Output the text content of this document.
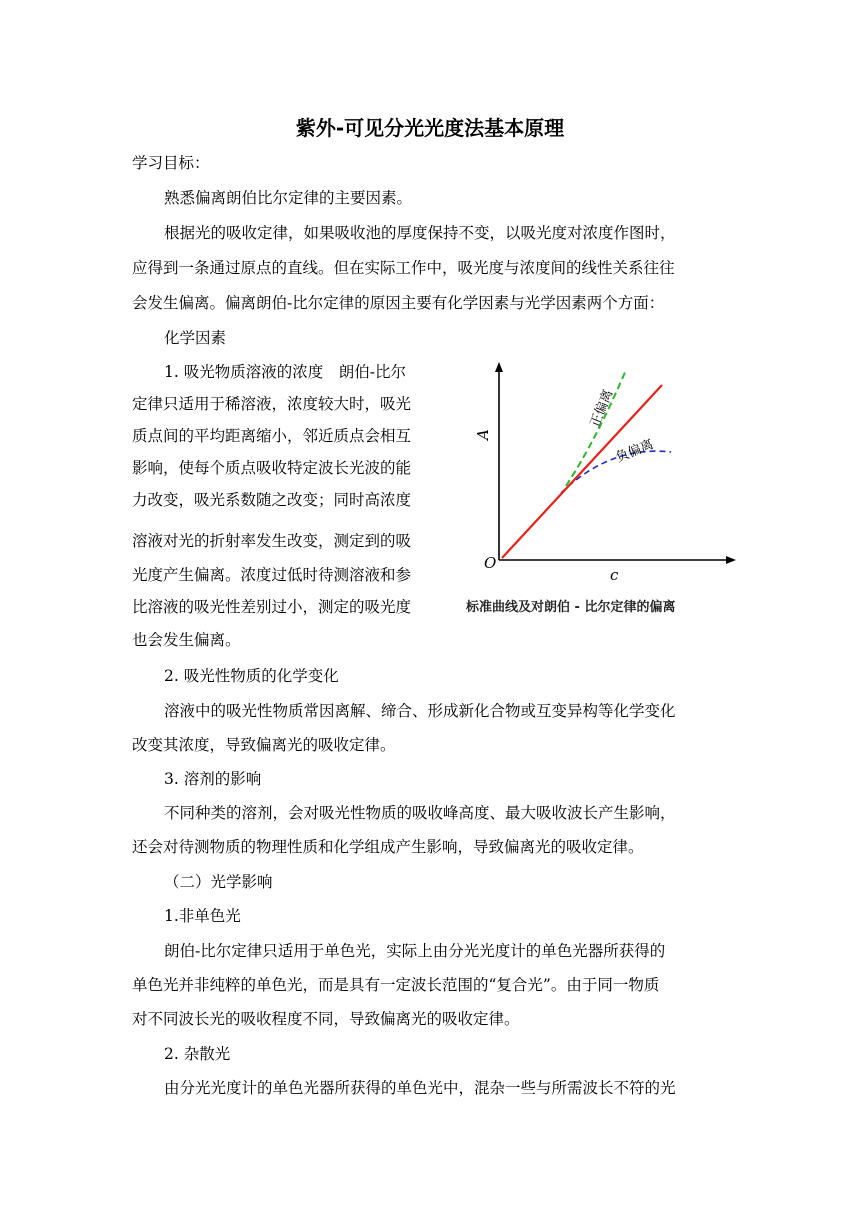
紫外-可见分光光度法基本原理
学习目标：
熟悉偏离朗伯比尔定律的主要因素。
根据光的吸收定律，如果吸收池的厚度保持不变，以吸光度对浓度作图时，
应得到一条通过原点的直线。但在实际工作中，吸光度与浓度间的线性关系往往
会发生偏离。偏离朗伯-比尔定律的原因主要有化学因素与光学因素两个方面：
化学因素
1. 吸光物质溶液的浓度　朗伯-比尔
定律只适用于稀溶液，浓度较大时，吸光
质点间的平均距离缩小，邻近质点会相互
影响，使每个质点吸收特定波长光波的能
力改变，吸光系数随之改变；同时高浓度
溶液对光的折射率发生改变，测定到的吸
光度产生偏离。浓度过低时待测溶液和参
比溶液的吸光性差别过小，测定的吸光度
也会发生偏离。
2. 吸光性物质的化学变化
溶液中的吸光性物质常因离解、缔合、形成新化合物或互变异构等化学变化
改变其浓度，导致偏离光的吸收定律。
3. 溶剂的影响
不同种类的溶剂，会对吸光性物质的吸收峰高度、最大吸收波长产生影响，
还会对待测物质的物理性质和化学组成产生影响，导致偏离光的吸收定律。
（二）光学影响
1.非单色光
朗伯-比尔定律只适用于单色光，实际上由分光光度计的单色光器所获得的
单色光并非纯粹的单色光，而是具有一定波长范围的“复合光”。由于同一物质
对不同波长光的吸收程度不同，导致偏离光的吸收定律。
2. 杂散光
由分光光度计的单色光器所获得的单色光中，混杂一些与所需波长不符的光
A
O
c
正偏离
负偏离
标准曲线及对朗伯 - 比尔定律的偏离
